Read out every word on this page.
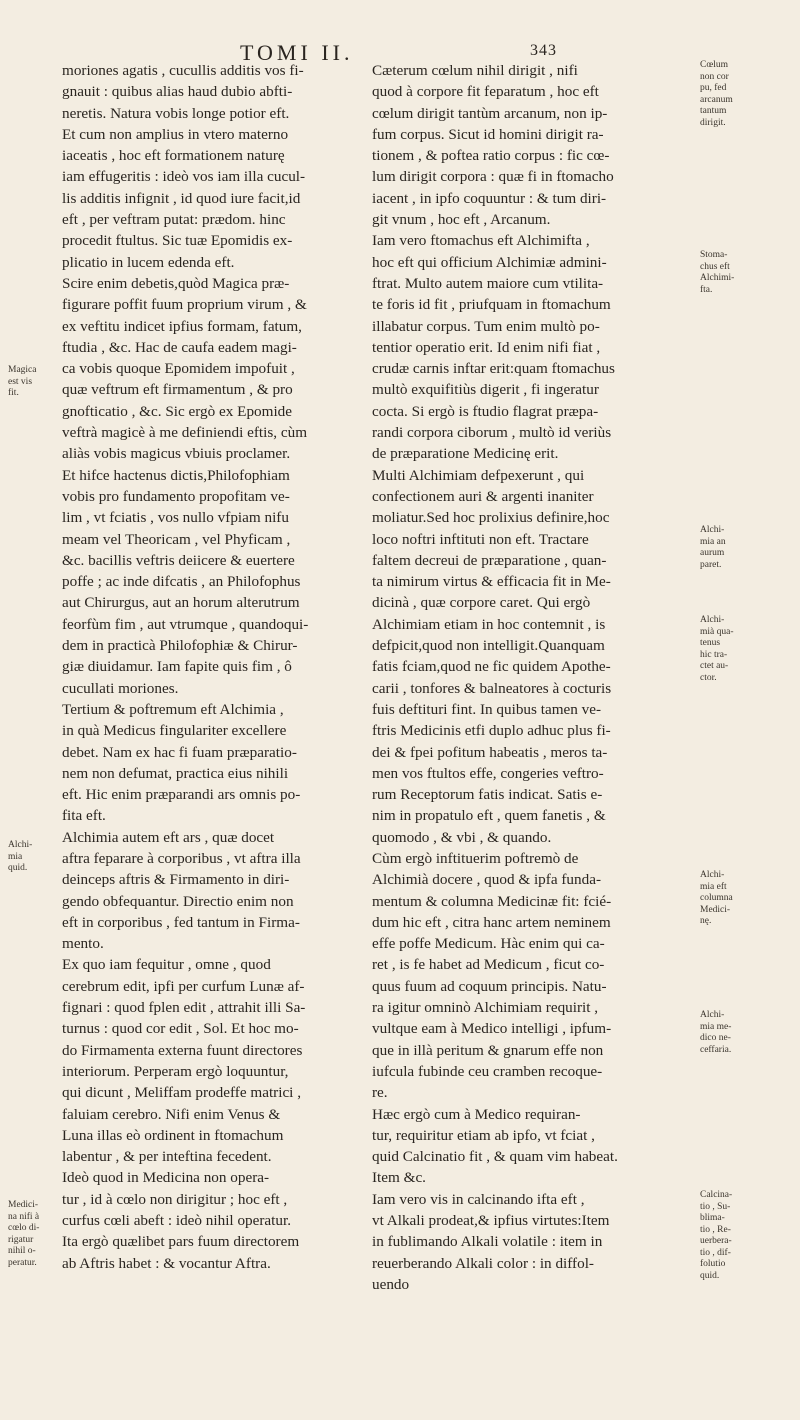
TOMI II.	343
moriones agatis , cucullis additis vos fi-
gnauit : quibus alias haud dubio abfti-
neretis. Natura vobis longe potior eft.
Et cum non amplius in vtero materno
iaceatis , hoc eft formationem naturę
iam effugeritis : ideò vos iam illa cucul-
lis additis infignit , id quod iure facit,id
eft , per veftram putat: prædom. hinc
procedit ftultus. Sic tuæ Epomidis ex-
plicatio in lucem edenda eft.
Scire enim debetis,quòd Magica præ-
figurare poffit fuum proprium virum , &
ex veftitu indicet ipfius formam, fatum,
ftudia , &c. Hac de caufa eadem magi-
ca vobis quoque Epomidem impofuit ,
quæ veftrum eft firmamentum , & pro
gnofticatio , &c. Sic ergò ex Epomide
veftrà magicè à me definiendi eftis, cùm
aliàs vobis magicus vbiuis proclamer.
Et hifce hactenus dictis,Philofophiam
vobis pro fundamento propofitam ve-
lim , vt fciatis , vos nullo vfpiam nifu
meam vel Theoricam , vel Phyficam ,
&c. bacillis veftris deiicere & euertere
poffe ; ac inde difcatis , an Philofophus
aut Chirurgus, aut an horum alterutrum
feorfùm fim , aut vtrumque , quandoqui-
dem in practicà Philofophiæ & Chirur-
giæ diuidamur. Iam fapite quis fim , ô
cucullati moriones.
Tertium & poftremum eft Alchimia ,
in quà Medicus fingulariter excellere
debet. Nam ex hac fi fuam præparatio-
nem non defumat, practica eius nihili
eft. Hic enim præparandi ars omnis po-
fita eft.
Alchimia autem eft ars , quæ docet
aftra feparare à corporibus , vt aftra illa
deinceps aftris & Firmamento in diri-
gendo obfequantur. Directio enim non
eft in corporibus , fed tantum in Firma-
mento.
Ex quo iam fequitur , omne , quod
cerebrum edit, ipfi per curfum Lunæ af-
fignari : quod fplen edit , attrahit illi Sa-
turnus : quod cor edit , Sol. Et hoc mo-
do Firmamenta externa fuunt directores
interiorum. Perperam ergò loquuntur,
qui dicunt , Meliffam prodeffe matrici ,
faluiam cerebro. Nifi enim Venus &
Luna illas eò ordinent in ftomachum
labentur , & per inteftina fecedent.
Ideò quod in Medicina non opera-
tur , id à cœlo non dirigitur ; hoc eft ,
curfus cœli abeft : ideò nihil operatur.
Ita ergò quælibet pars fuum directorem
ab Aftris habet : & vocantur Aftra.
Cæterum cœlum nihil dirigit , nifi
quod à corpore fit feparatum , hoc eft
cœlum dirigit tantùm arcanum, non ip-
fum corpus. Sicut id homini dirigit ra-
tionem , & poftea ratio corpus : fic cœ-
lum dirigit corpora : quæ fi in ftomacho
iacent , in ipfo coquuntur : & tum diri-
git vnum , hoc eft , Arcanum.
Iam vero ftomachus eft Alchimifta ,
hoc eft qui officium Alchimiæ admini-
ftrat. Multo autem maiore cum vtilita-
te foris id fit , priufquam in ftomachum
illabatur corpus. Tum enim multò po-
tentior operatio erit. Id enim nifi fiat ,
crudæ carnis inftar erit:quam ftomachus
multò exquifitiùs digerit , fi ingeratur
cocta. Si ergò is ftudio flagrat præpa-
randi corpora ciborum , multò id veriùs
de præparatione Medicinę erit.
Multi Alchimiam defpexerunt , qui
confectionem auri & argenti inaniter
moliatur.Sed hoc prolixius definire,hoc
loco noftri inftituti non eft. Tractare
faltem decreui de præparatione , quan-
ta nimirum virtus & efficacia fit in Me-
dicinà , quæ corpore caret. Qui ergò
Alchimiam etiam in hoc contemnit , is
defpicit,quod non intelligit.Quanquam
fatis fciam,quod ne fic quidem Apothe-
carii , tonfores & balneatores à cocturis
fuis deftituri fint. In quibus tamen ve-
ftris Medicinis etfi duplo adhuc plus fi-
dei & fpei pofitum habeatis , meros ta-
men vos ftultos effe, congeries veftro-
rum Receptorum fatis indicat. Satis e-
nim in propatulo eft , quem fanetis , &
quomodo , & vbi , & quando.
Cùm ergò inftituerim poftremò de
Alchimià docere , quod & ipfa funda-
mentum & columna Medicinæ fit: fcié-
dum hic eft , citra hanc artem neminem
effe poffe Medicum. Hàc enim qui ca-
ret , is fe habet ad Medicum , ficut co-
quus fuum ad coquum principis. Natu-
ra igitur omninò Alchimiam requirit ,
vultque eam à Medico intelligi , ipfum-
que in illà peritum & gnarum effe non
iufcula fubinde ceu cramben recoque-
re.
Hæc ergò cum à Medico requiran-
tur, requiritur etiam ab ipfo, vt fciat ,
quid Calcinatio fit , & quam vim habeat.
Item &c.
Iam vero vis in calcinando ifta eft ,
vt Alkali prodeat,& ipfius virtutes:Item
in fublimando Alkali volatile : item in
reuerberando Alkali color : in diffol-
uendo
Magica
est vis
fit.
Alchi-
mia
quid.
Medici-
na nifi à
cœlo di-
rigatur
nihil o-
peratur.
Cœlum
non cor
pu, fed
arcanum
tantum
dirigit.
Stoma-
chus eft
Alchimi-
fta.
Alchi-
mia an
aurum
paret.
Alchi-
mià qua-
tenus
hic tra-
ctet au-
ctor.
Alchi-
mia eft
columna
Medici-
nę.
Alchi-
mia me-
dico ne-
ceffaria.
Calcina-
tio , Su-
blima-
tio , Re-
uerbera-
tio , dif-
folutio
quid.
